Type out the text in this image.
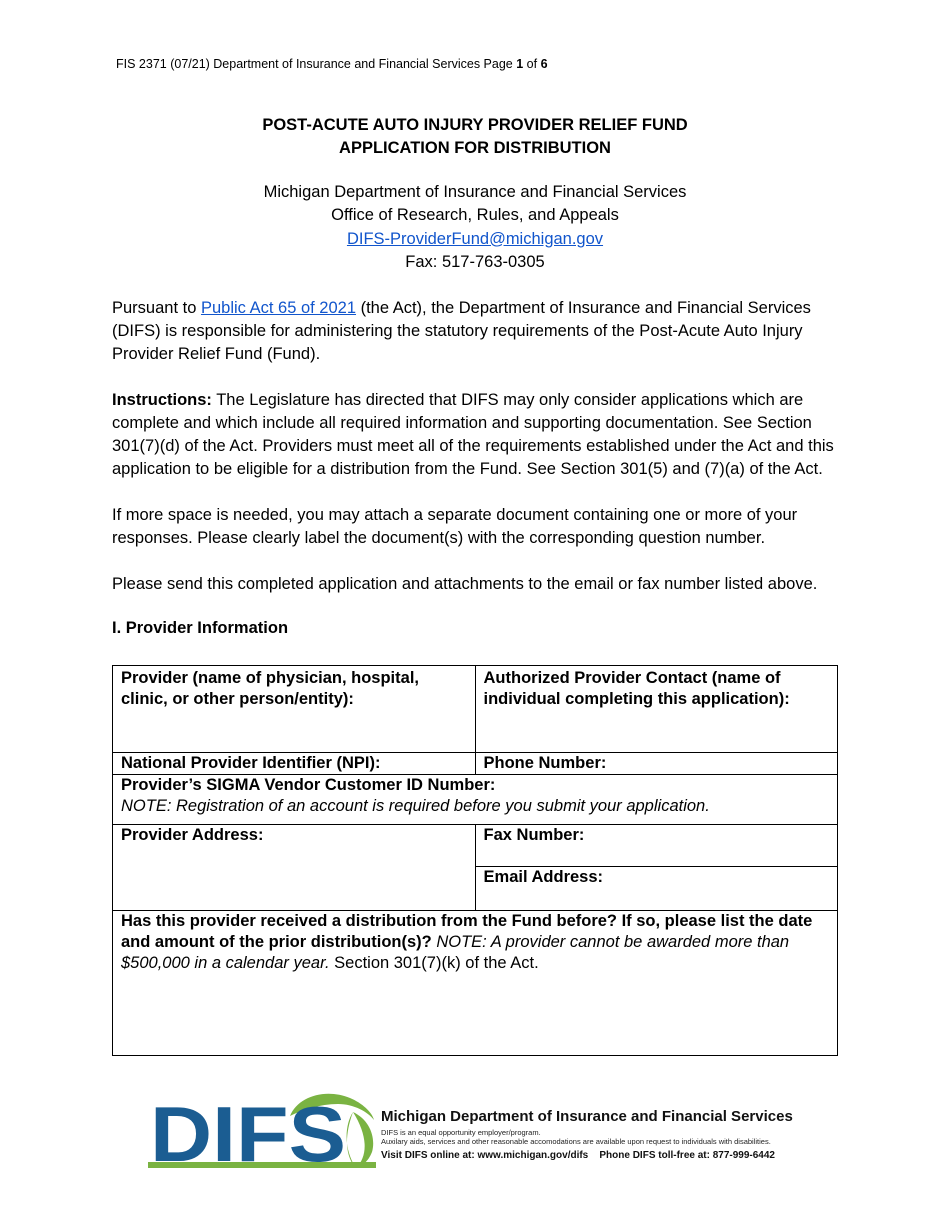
FIS 2371 (07/21) Department of Insurance and Financial Services Page 1 of 6
POST-ACUTE AUTO INJURY PROVIDER RELIEF FUND
APPLICATION FOR DISTRIBUTION
Michigan Department of Insurance and Financial Services
Office of Research, Rules, and Appeals
DIFS-ProviderFund@michigan.gov
Fax: 517-763-0305
Pursuant to Public Act 65 of 2021 (the Act), the Department of Insurance and Financial Services (DIFS) is responsible for administering the statutory requirements of the Post-Acute Auto Injury Provider Relief Fund (Fund).
Instructions: The Legislature has directed that DIFS may only consider applications which are complete and which include all required information and supporting documentation. See Section 301(7)(d) of the Act. Providers must meet all of the requirements established under the Act and this application to be eligible for a distribution from the Fund. See Section 301(5) and (7)(a) of the Act.
If more space is needed, you may attach a separate document containing one or more of your responses. Please clearly label the document(s) with the corresponding question number.
Please send this completed application and attachments to the email or fax number listed above.
I. Provider Information
Provider (name of physician, hospital, clinic, or other person/entity):	Authorized Provider Contact (name of individual completing this application):
National Provider Identifier (NPI):	Phone Number:

Provider’s SIGMA Vendor Customer ID Number:
NOTE: Registration of an account is required before you submit your application.	

Provider Address:	Fax Number:
	Email Address:
Has this provider received a distribution from the Fund before? If so, please list the date and amount of the prior distribution(s)? NOTE: A provider cannot be awarded more than $500,000 in a calendar year. Section 301(7)(k) of the Act.	
DIFS Michigan Department of Insurance and Financial Services
DIFS is an equal opportunity employer/program.
Auxilary aids, services and other reasonable accomodations are available upon request to individuals with disabilities.
Visit DIFS online at: www.michigan.gov/difs Phone DIFS toll-free at: 877-999-6442
